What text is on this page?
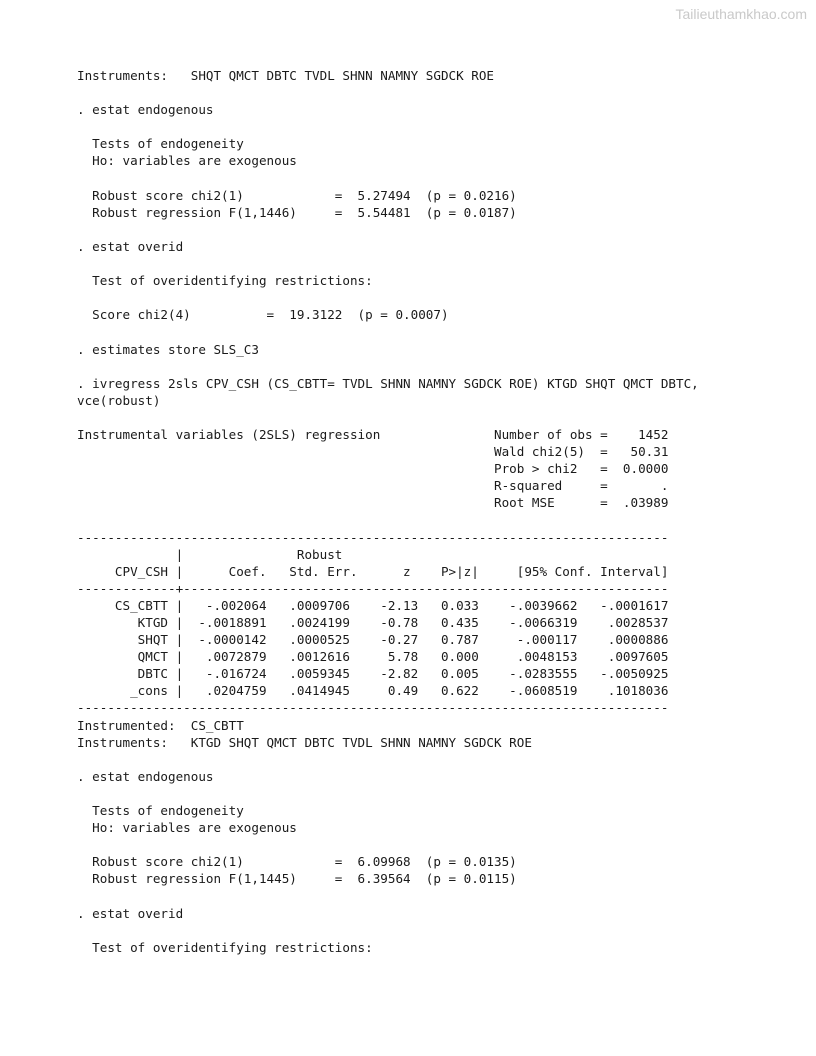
Tailieuthamkhao.com
Instruments:   SHQT QMCT DBTC TVDL SHNN NAMNY SGDCK ROE
. estat endogenous
Tests of endogeneity
Ho: variables are exogenous
Robust score chi2(1)            =  5.27494  (p = 0.0216)
Robust regression F(1,1446)     =  5.54481  (p = 0.0187)
. estat overid
Test of overidentifying restrictions:
Score chi2(4)          =  19.3122  (p = 0.0007)
. estimates store SLS_C3
. ivregress 2sls CPV_CSH (CS_CBTT= TVDL SHNN NAMNY SGDCK ROE) KTGD SHQT QMCT DBTC,
vce(robust)
Instrumental variables (2SLS) regression               Number of obs =    1452
Wald chi2(5)  =   50.31
Prob > chi2   =  0.0000
R-squared     =       .
Root MSE      =  .03989
------------------------------------------------------------------------------
|               Robust
CPV_CSH |      Coef.   Std. Err.      z    P>|z|     [95% Conf. Interval]
-------------+----------------------------------------------------------------
CS_CBTT |   -.002064   .0009706    -2.13   0.033    -.0039662   -.0001617
KTGD |  -.0018891   .0024199    -0.78   0.435    -.0066319    .0028537
SHQT |  -.0000142   .0000525    -0.27   0.787     -.000117    .0000886
QMCT |   .0072879   .0012616     5.78   0.000     .0048153    .0097605
DBTC |   -.016724   .0059345    -2.82   0.005    -.0283555   -.0050925
_cons |   .0204759   .0414945     0.49   0.622    -.0608519    .1018036
------------------------------------------------------------------------------
Instrumented:  CS_CBTT
Instruments:   KTGD SHQT QMCT DBTC TVDL SHNN NAMNY SGDCK ROE
. estat endogenous
Tests of endogeneity
Ho: variables are exogenous
Robust score chi2(1)            =  6.09968  (p = 0.0135)
Robust regression F(1,1445)     =  6.39564  (p = 0.0115)
. estat overid
Test of overidentifying restrictions:
